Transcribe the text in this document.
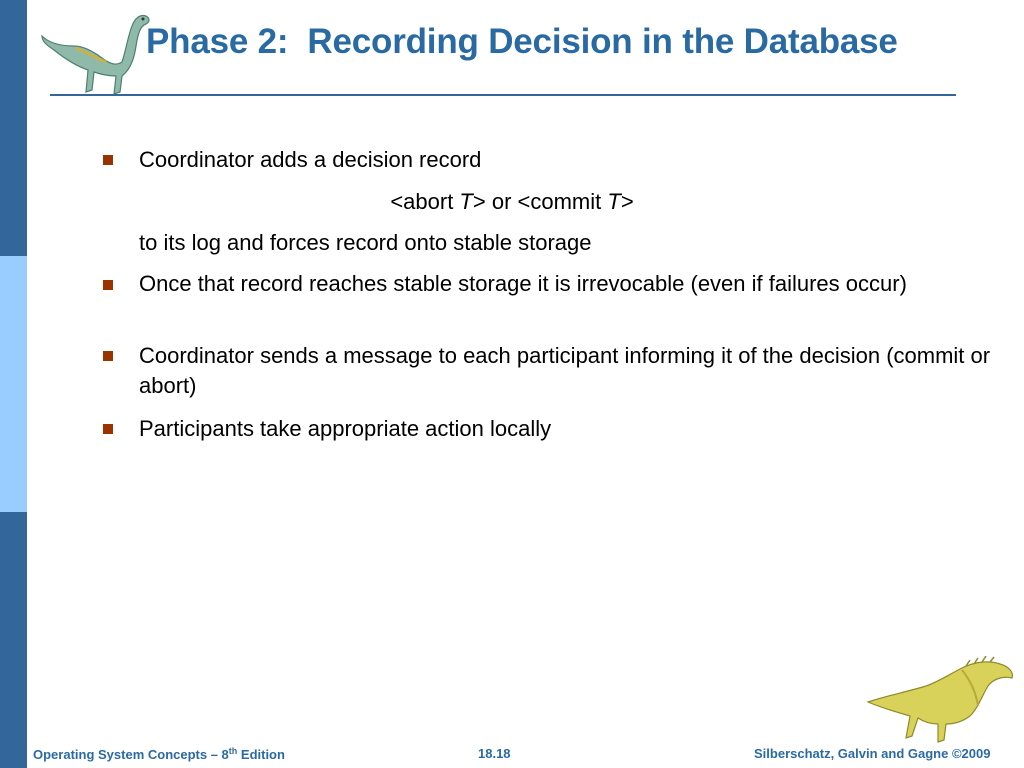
Phase 2:  Recording Decision in the Database
Coordinator adds a decision record
<abort T> or <commit T>
to its log and forces record onto stable storage
Once that record reaches stable storage it is irrevocable (even if failures occur)
Coordinator sends a message to each participant informing it of the decision (commit or abort)
Participants take appropriate action locally
Operating System Concepts – 8th Edition	18.18	Silberschatz, Galvin and Gagne ©2009
